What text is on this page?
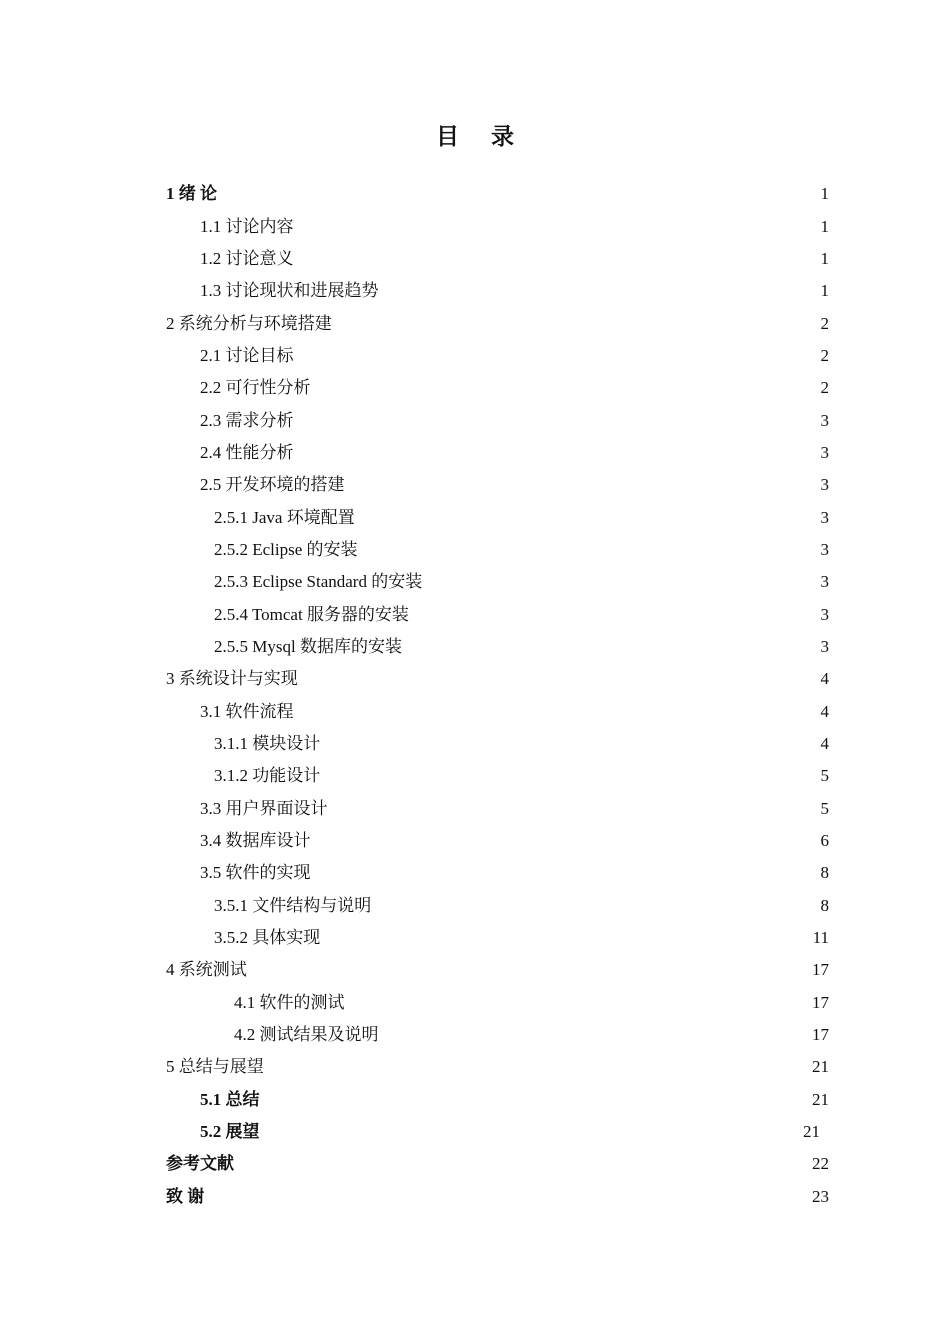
目 录
1 绪 论	1
1.1 讨论内容	1
1.2 讨论意义	1
1.3 讨论现状和进展趋势	1
2 系统分析与环境搭建	2
2.1 讨论目标	2
2.2 可行性分析	2
2.3 需求分析	3
2.4 性能分析	3
2.5 开发环境的搭建	3
2.5.1 Java 环境配置	3
2.5.2 Eclipse 的安装	3
2.5.3 Eclipse Standard 的安装	3
2.5.4 Tomcat 服务器的安装	3
2.5.5 Mysql 数据库的安装	3
3 系统设计与实现	4
3.1 软件流程	4
3.1.1 模块设计	4
3.1.2 功能设计	5
3.3 用户界面设计	5
3.4 数据库设计	6
3.5 软件的实现	8
3.5.1 文件结构与说明	8
3.5.2 具体实现	11
4 系统测试	17
4.1 软件的测试	17
4.2 测试结果及说明	17
5 总结与展望	21
5.1 总结	21
5.2 展望	21
参考文献	22
致 谢	23
